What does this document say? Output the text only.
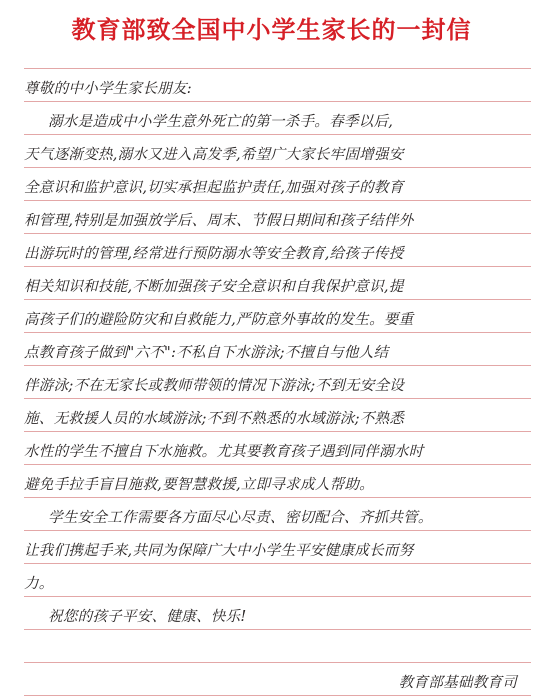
教育部致全国中小学生家长的一封信
尊敬的中小学生家长朋友:
溺水是造成中小学生意外死亡的第一杀手。春季以后,
天气逐渐变热,溺水又进入高发季,希望广大家长牢固增强安
全意识和监护意识,切实承担起监护责任,加强对孩子的教育
和管理,特别是加强放学后、周末、节假日期间和孩子结伴外
出游玩时的管理,经常进行预防溺水等安全教育,给孩子传授
相关知识和技能,不断加强孩子安全意识和自我保护意识,提
高孩子们的避险防灾和自救能力,严防意外事故的发生。要重
点教育孩子做到"六不":不私自下水游泳;不擅自与他人结
伴游泳;不在无家长或教师带领的情况下游泳;不到无安全设
施、无救援人员的水域游泳;不到不熟悉的水域游泳;不熟悉
水性的学生不擅自下水施救。尤其要教育孩子遇到同伴溺水时
避免手拉手盲目施救,要智慧救援,立即寻求成人帮助。
学生安全工作需要各方面尽心尽责、密切配合、齐抓共管。
让我们携起手来,共同为保障广大中小学生平安健康成长而努
力。
祝您的孩子平安、健康、快乐!
教育部基础教育司
